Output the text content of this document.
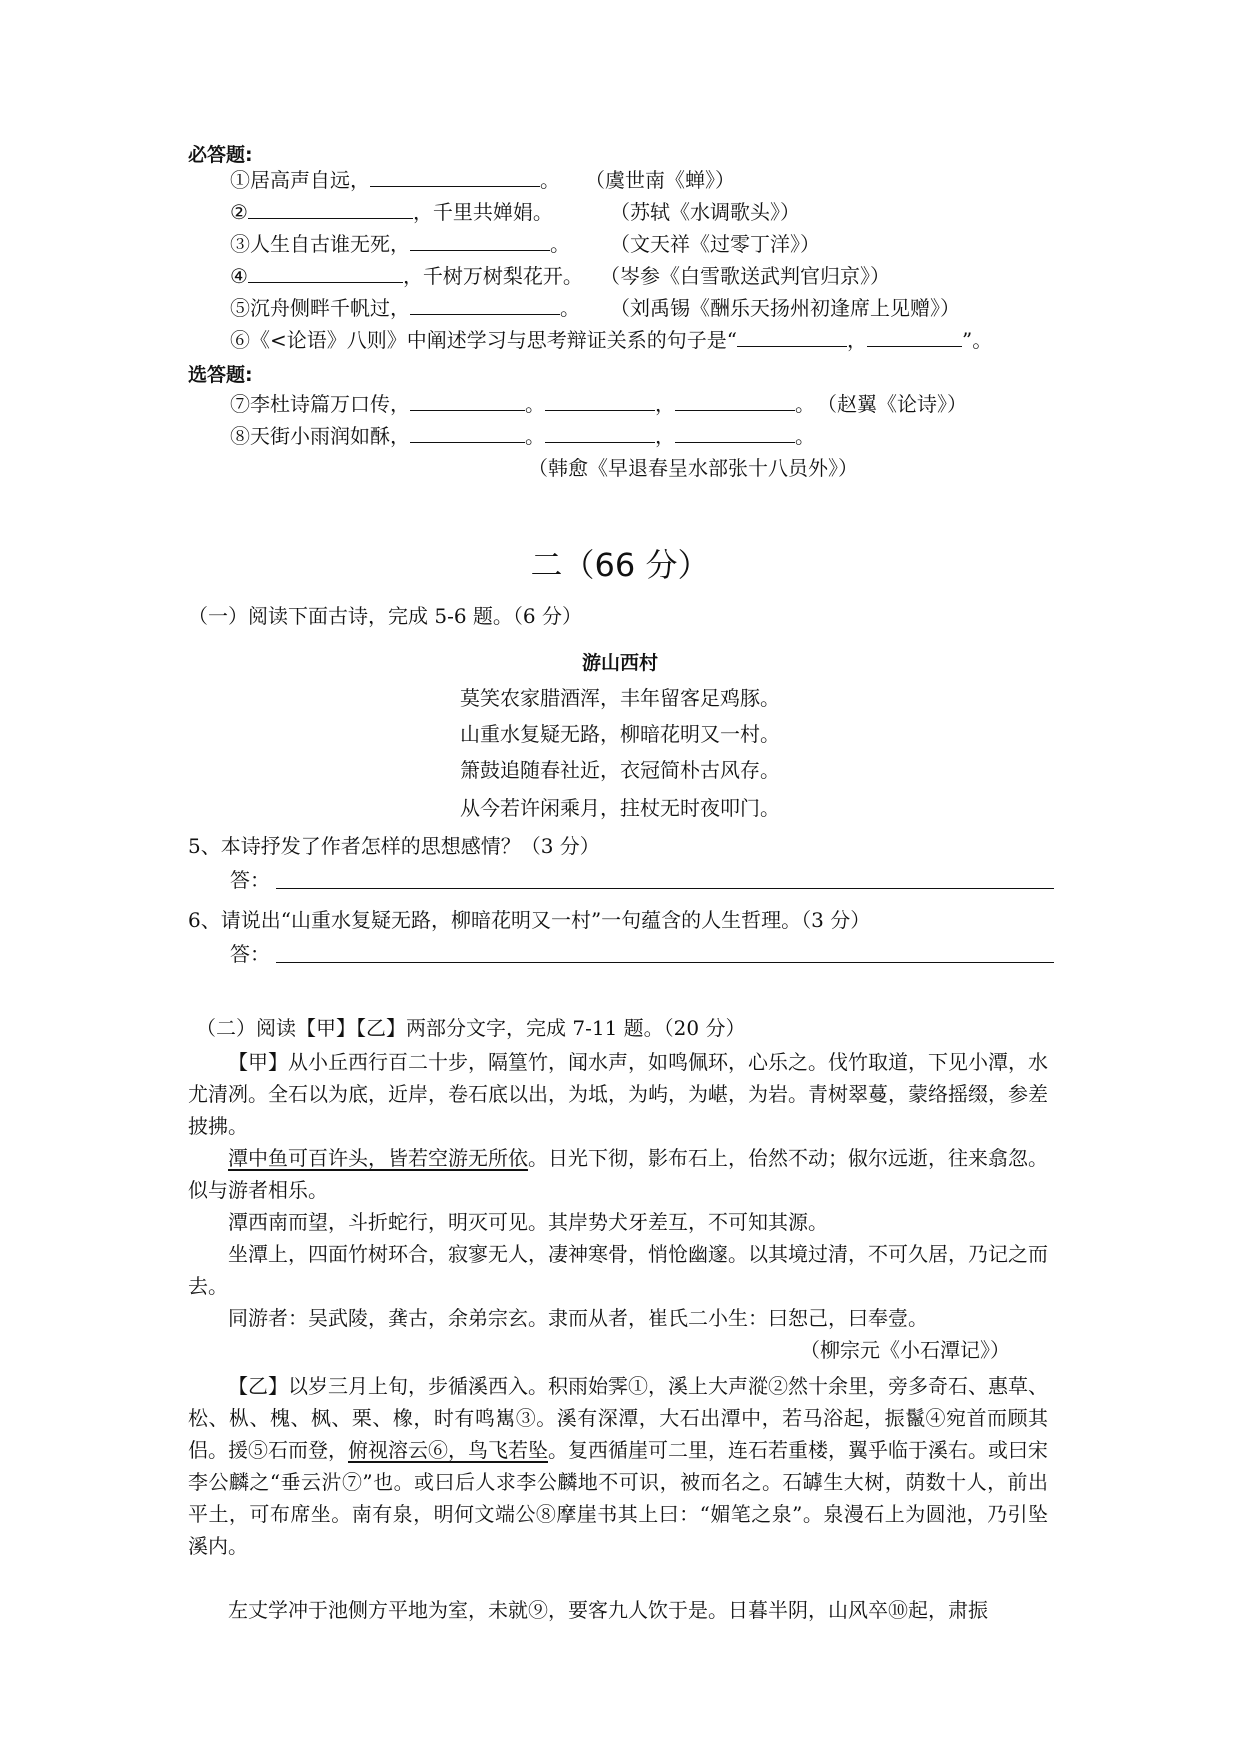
必答题:
①居高声自远，	。 （虞世南《蝉》）
②	，千里共婵娟。	（苏轼《水调歌头》）
③人生自古谁无死，	。 （文天祥《过零丁洋》）
④	，千树万树梨花开。 （岑参《白雪歌送武判官归京》）
⑤沉舟侧畔千帆过，	。 （刘禹锡《酬乐天扬州初逢席上见赠》）
⑥《<论语》八则》中阐述学习与思考辩证关系的句子是“	，	”。
选答题:
⑦李杜诗篇万口传，	。	，	。 （赵翼《论诗》）
⑧天街小雨润如酥，	。	，	。
（韩愈《早退春呈水部张十八员外》）
二（66 分）
（一）阅读下面古诗，完成 5-6 题。（6 分）
游山西村
莫笑农家腊酒浑，丰年留客足鸡豚。
山重水复疑无路，柳暗花明又一村。
箫鼓追随春社近，衣冠简朴古风存。
从今若许闲乘月，拄杖无时夜叩门。
5、本诗抒发了作者怎样的思想感情？（3 分）
答：
6、请说出“山重水复疑无路，柳暗花明又一村”一句蕴含的人生哲理。（3 分）
答：
（二）阅读【甲】【乙】两部分文字，完成 7-11 题。（20 分）
【甲】从小丘西行百二十步，隔篁竹，闻水声，如鸣佩环，心乐之。伐竹取道，下见小潭，水尤清冽。全石以为底，近岸，卷石底以出，为坻，为屿，为嵁，为岩。青树翠蔓，蒙络摇缀，参差披拂。
潭中鱼可百许头，皆若空游无所依。日光下彻，影布石上，佁然不动；俶尔远逝，往来翕忽。似与游者相乐。
潭西南而望，斗折蛇行，明灭可见。其岸势犬牙差互，不可知其源。
坐潭上，四面竹树环合，寂寥无人，凄神寒骨，悄怆幽邃。以其境过清，不可久居，乃记之而去。
同游者：吴武陵，龚古，余弟宗玄。隶而从者，崔氏二小生：曰恕己，曰奉壹。
（柳宗元《小石潭记》）
【乙】以岁三月上旬，步循溪西入。积雨始霁①，溪上大声漎②然十余里，旁多奇石、惠草、松、枞、槐、枫、栗、橡，时有鸣嶲③。溪有深潭，大石出潭中，若马浴起，振鬣④宛首而顾其侣。援⑤石而登，俯视溶云⑥，鸟飞若坠。复西循崖可二里，连石若重楼，翼乎临于溪右。或曰宋李公麟之“垂云沜⑦”也。或曰后人求李公麟地不可识，被而名之。石罅生大树，荫数十人，前出平土，可布席坐。南有泉，明何文端公⑧摩崖书其上曰：“媚笔之泉”。泉漫石上为圆池，乃引坠溪内。
左丈学冲于池侧方平地为室，未就⑨，要客九人饮于是。日暮半阴，山风卒⑩起，肃振
